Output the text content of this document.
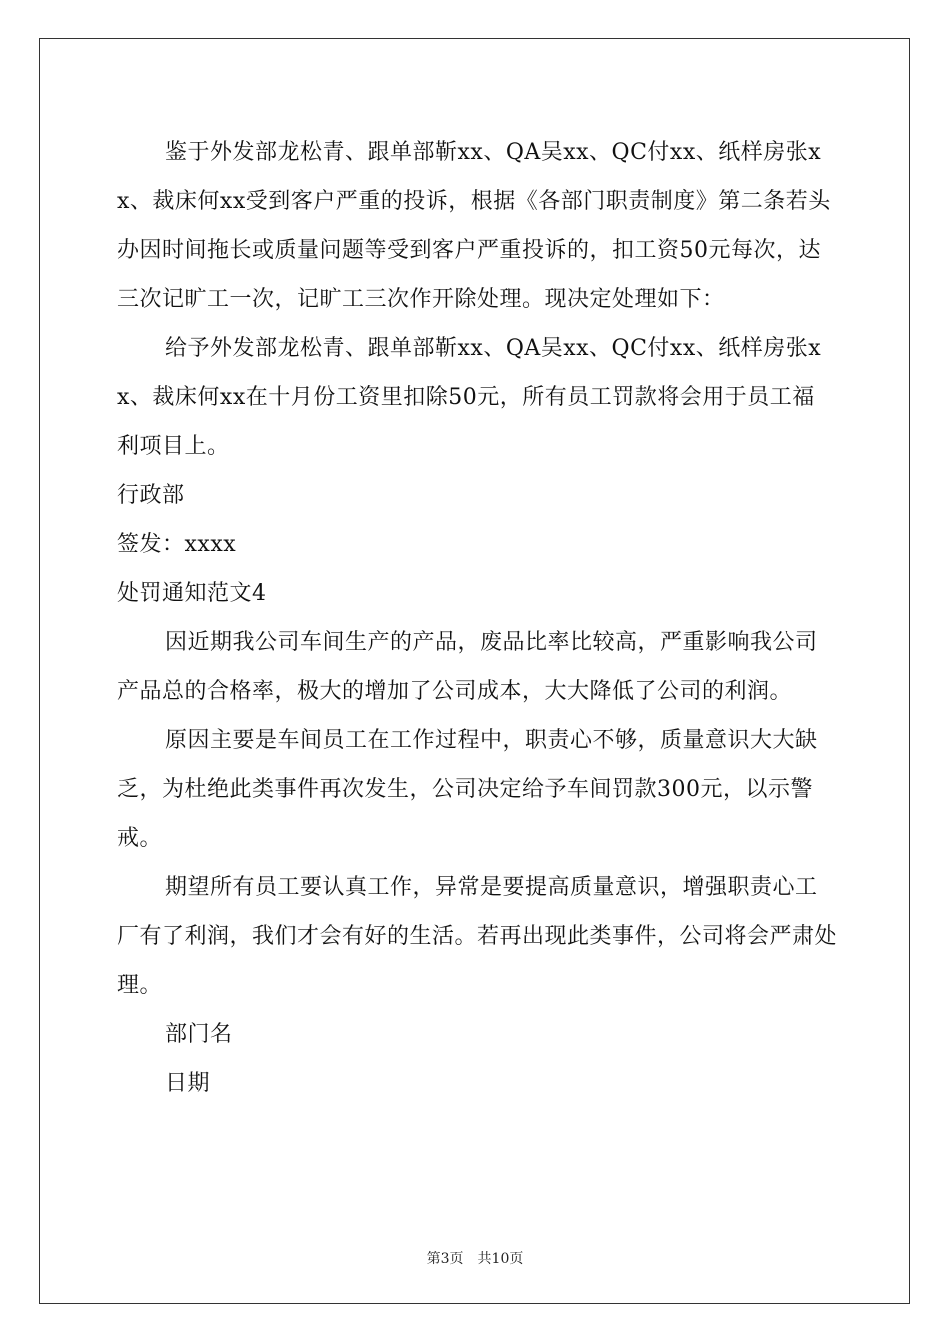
鉴于外发部龙松青、跟单部靳xx、QA吴xx、QC付xx、纸样房张xx、裁床何xx受到客户严重的投诉，根据《各部门职责制度》第二条若头办因时间拖长或质量问题等受到客户严重投诉的，扣工资50元每次，达三次记旷工一次，记旷工三次作开除处理。现决定处理如下：

给予外发部龙松青、跟单部靳xx、QA吴xx、QC付xx、纸样房张xx、裁床何xx在十月份工资里扣除50元，所有员工罚款将会用于员工福利项目上。

行政部

签发：xxxx

处罚通知范文4

因近期我公司车间生产的产品，废品比率比较高，严重影响我公司产品总的合格率，极大的增加了公司成本，大大降低了公司的利润。

原因主要是车间员工在工作过程中，职责心不够，质量意识大大缺乏，为杜绝此类事件再次发生，公司决定给予车间罚款300元，以示警戒。

期望所有员工要认真工作，异常是要提高质量意识，增强职责心工厂有了利润，我们才会有好的生活。若再出现此类事件，公司将会严肃处理。

部门名

日期

第3页　共10页
